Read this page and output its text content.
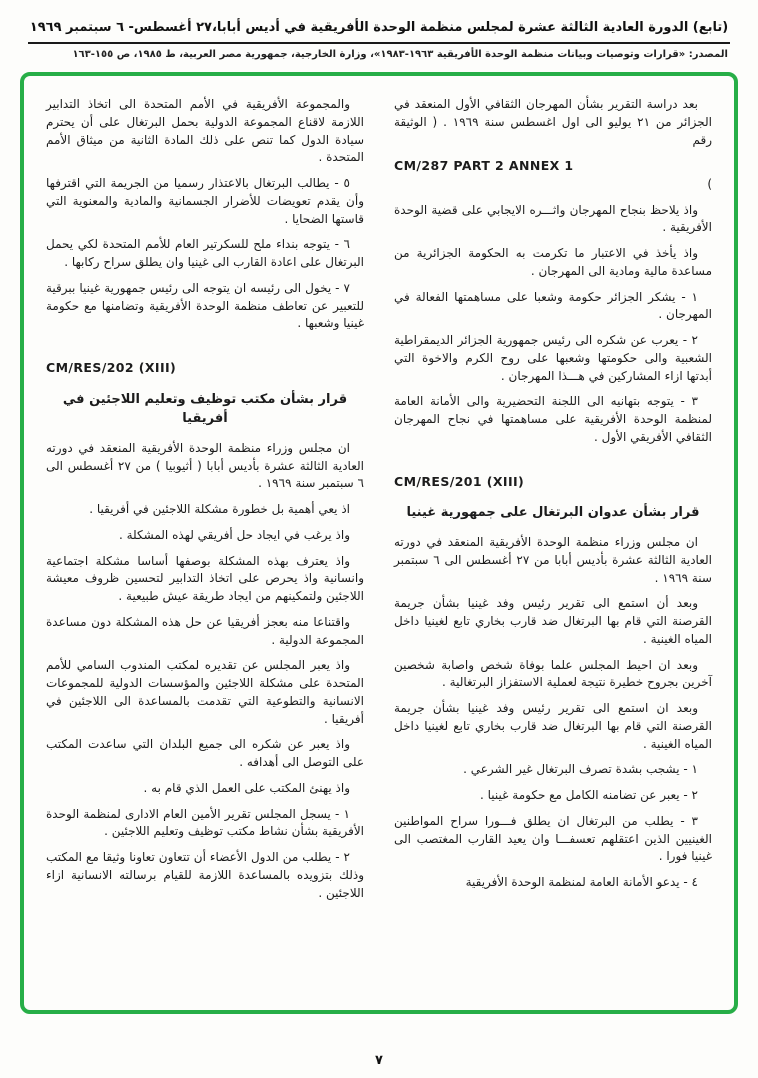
(تابع) الدورة العادية الثالثة عشرة لمجلس منظمة الوحدة الأفريقية في أديس أبابا،٢٧ أغسطس- ٦ سبتمبر ١٩٦٩
المصدر: «قرارات وتوصيات وبيانات منظمة الوحدة الأفريقية ١٩٦٣-١٩٨٣»، وزارة الخارجية، جمهورية مصر العربية، ط ١٩٨٥، ص ١٥٥-١٦٣
بعد دراسة التقرير بشأن المهرجان الثقافي الأول المنعقد في الجزائر من ٢١ يوليو الى اول اغسطس سنة ١٩٦٩ . ( الوثيقة رقم
CM/287 PART 2 ANNEX 1
)
واذ يلاحظ بنجاح المهرجان واثـــره الايجابي على قضية الوحدة الأفريقية .
واذ يأخذ في الاعتبار ما تكرمت به الحكومة الجزائرية من مساعدة مالية ومادية الى المهرجان .
١ - يشكر الجزائر حكومة وشعبا على مساهمتها الفعالة في المهرجان .
٢ - يعرب عن شكره الى رئيس جمهورية الجزائر الديمقراطية الشعبية والى حكومتها وشعبها على روح الكرم والاخوة التي أبدتها ازاء المشاركين في هـــذا المهرجان .
٣ - يتوجه بتهانيه الى اللجنة التحضيرية والى الأمانة العامة لمنظمة الوحدة الأفريقية على مساهمتها في نجاح المهرجان الثقافي الأفريقي الأول .
CM/RES/201 (XIII)
قرار بشأن عدوان البرتغال على جمهورية غينيا
ان مجلس وزراء منظمة الوحدة الأفريقية المنعقد في دورته العادية الثالثة عشرة بأديس أبابا من ٢٧ أغسطس الى ٦ سبتمبر سنة ١٩٦٩ .
وبعد أن استمع الى تقرير رئيس وفد غينيا بشأن جريمة القرصنة التي قام بها البرتغال ضد قارب بخاري تابع لغينيا داخل المياه الغينية .
وبعد ان احيط المجلس علما بوفاة شخص واصابة شخصين آخرين بجروح خطيرة نتيجة لعملية الاستفزاز البرتغالية .
وبعد ان استمع الى تقرير رئيس وفد غينيا بشأن جريمة القرصنة التي قام بها البرتغال ضد قارب بخاري تابع لغينيا داخل المياه الغينية .
١ - يشجب بشدة تصرف البرتغال غير الشرعي .
٢ - يعبر عن تضامنه الكامل مع حكومة غينيا .
٣ - يطلب من البرتغال ان يطلق فـــورا سراح المواطنين الغينيين الذين اعتقلهم تعسفـــا وان يعيد القارب المغتصب الى غينيا فورا .
٤ - يدعو الأمانة العامة لمنظمة الوحدة الأفريقية
والمجموعة الأفريقية في الأمم المتحدة الى اتخاذ التدابير اللازمة لاقناع المجموعة الدولية بحمل البرتغال على أن يحترم سيادة الدول كما تنص على ذلك المادة الثانية من ميثاق الأمم المتحدة .
٥ - يطالب البرتغال بالاعتذار رسميا من الجريمة التي اقترفها وأن يقدم تعويضات للأضرار الجسمانية والمادية والمعنوية التي قاستها الضحايا .
٦ - يتوجه بنداء ملح للسكرتير العام للأمم المتحدة لكي يحمل البرتغال على اعادة القارب الى غينيا وان يطلق سراح ركابها .
٧ - يخول الى رئيسه ان يتوجه الى رئيس جمهورية غينيا ببرقية للتعبير عن تعاطف منظمة الوحدة الأفريقية وتضامنها مع حكومة غينيا وشعبها .
CM/RES/202 (XIII)
قرار بشأن مكتب توظيف وتعليم اللاجئين في أفريقيا
ان مجلس وزراء منظمة الوحدة الأفريقية المنعقد في دورته العادية الثالثة عشرة بأديس أبابا ( أثيوبيا ) من ٢٧ أغسطس الى ٦ سبتمبر سنة ١٩٦٩ .
اذ يعي أهمية بل خطورة مشكلة اللاجئين في أفريقيا .
واذ يرغب في ايجاد حل أفريقي لهذه المشكلة .
واذ يعترف بهذه المشكلة بوصفها أساسا مشكلة اجتماعية وانسانية واذ يحرص على اتخاذ التدابير لتحسين ظروف معيشة اللاجئين ولتمكينهم من ايجاد طريقة عيش طبيعية .
واقتناعا منه بعجز أفريقيا عن حل هذه المشكلة دون مساعدة المجموعة الدولية .
واذ يعبر المجلس عن تقديره لمكتب المندوب السامي للأمم المتحدة على مشكلة اللاجئين والمؤسسات الدولية للمجموعات الانسانية والتطوعية التي تقدمت بالمساعدة الى اللاجئين في أفريقيا .
واذ يعبر عن شكره الى جميع البلدان التي ساعدت المكتب على التوصل الى أهدافه .
واذ يهنئ المكتب على العمل الذي قام به .
١ - يسجل المجلس تقرير الأمين العام الادارى لمنظمة الوحدة الأفريقية بشأن نشاط مكتب توظيف وتعليم اللاجئين .
٢ - يطلب من الدول الأعضاء أن تتعاون تعاونا وثيقا مع المكتب وذلك بتزويده بالمساعدة اللازمة للقيام برسالته الانسانية ازاء اللاجئين .
٧
